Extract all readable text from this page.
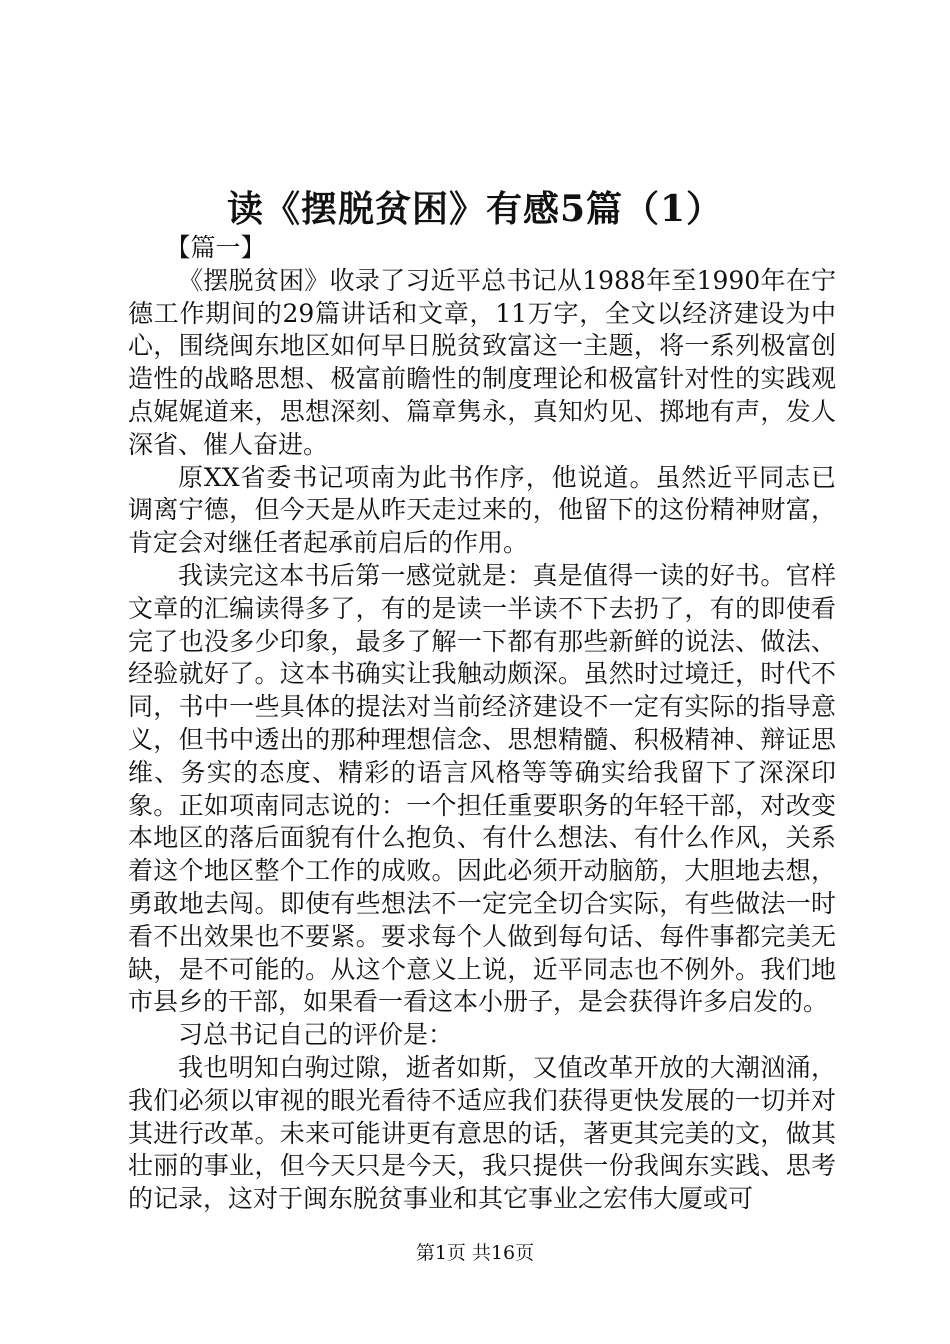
读《摆脱贫困》有感5篇（1）

【篇一】

《摆脱贫困》收录了习近平总书记从1988年至1990年在宁德工作期间的29篇讲话和文章，11万字，全文以经济建设为中心，围绕闽东地区如何早日脱贫致富这一主题，将一系列极富创造性的战略思想、极富前瞻性的制度理论和极富针对性的实践观点娓娓道来，思想深刻、篇章隽永，真知灼见、掷地有声，发人深省、催人奋进。

原XX省委书记项南为此书作序，他说道。虽然近平同志已调离宁德，但今天是从昨天走过来的，他留下的这份精神财富，肯定会对继任者起承前启后的作用。

我读完这本书后第一感觉就是：真是值得一读的好书。官样文章的汇编读得多了，有的是读一半读不下去扔了，有的即使看完了也没多少印象，最多了解一下都有那些新鲜的说法、做法、经验就好了。这本书确实让我触动颇深。虽然时过境迁，时代不同，书中一些具体的提法对当前经济建设不一定有实际的指导意义，但书中透出的那种理想信念、思想精髓、积极精神、辩证思维、务实的态度、精彩的语言风格等等确实给我留下了深深印象。正如项南同志说的：一个担任重要职务的年轻干部，对改变本地区的落后面貌有什么抱负、有什么想法、有什么作风，关系着这个地区整个工作的成败。因此必须开动脑筋，大胆地去想，勇敢地去闯。即使有些想法不一定完全切合实际，有些做法一时看不出效果也不要紧。要求每个人做到每句话、每件事都完美无缺，是不可能的。从这个意义上说，近平同志也不例外。我们地市县乡的干部，如果看一看这本小册子，是会获得许多启发的。

习总书记自己的评价是：

我也明知白驹过隙，逝者如斯，又值改革开放的大潮汹涌，我们必须以审视的眼光看待不适应我们获得更快发展的一切并对其进行改革。未来可能讲更有意思的话，著更其完美的文，做其壮丽的事业，但今天只是今天，我只提供一份我闽东实践、思考的记录，这对于闽东脱贫事业和其它事业之宏伟大厦或可

第1页 共16页
